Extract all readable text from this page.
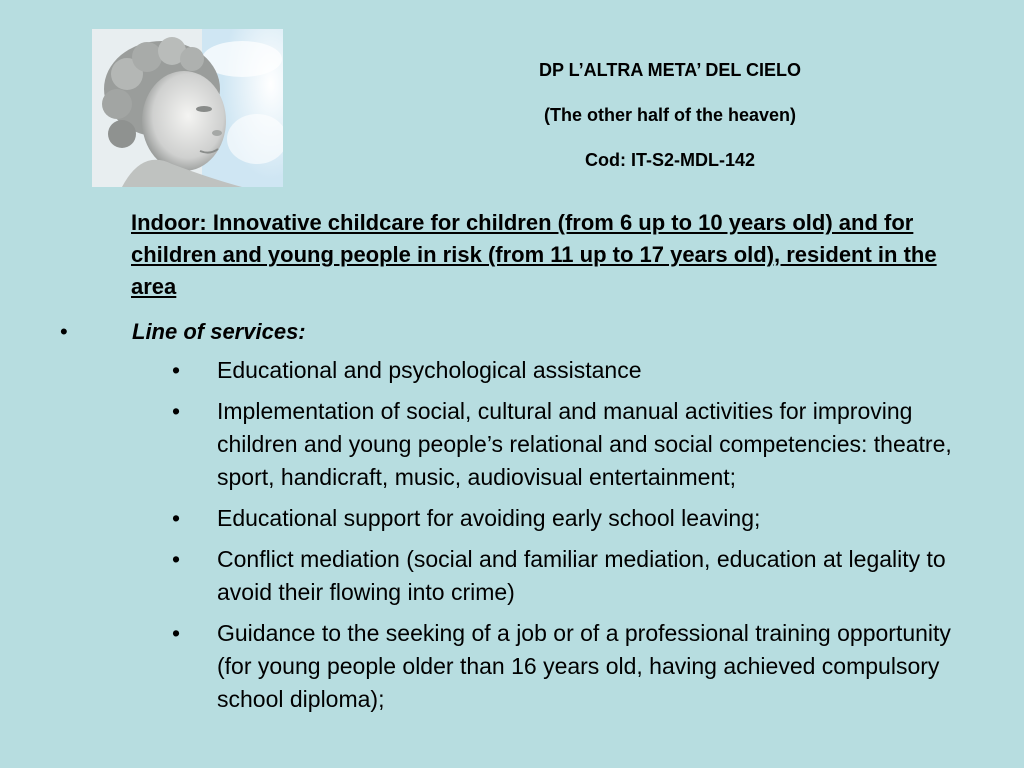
DP L’ALTRA META’ DEL CIELO
(The other half of the heaven)
Cod: IT-S2-MDL-142
Indoor: Innovative childcare for children (from 6 up to 10 years old) and for children and young people in risk (from 11 up to 17 years old), resident in the area
•	Line of services:
• Educational and psychological assistance
• Implementation of social, cultural and manual activities for improving children and young people’s relational and social competencies: theatre, sport, handicraft, music, audiovisual entertainment;
• Educational support for avoiding early school leaving;
• Conflict mediation (social and familiar mediation, education at legality to avoid their flowing into crime)
• Guidance to the seeking of a job or of a professional training opportunity (for young people older than 16 years old, having achieved compulsory school diploma);
